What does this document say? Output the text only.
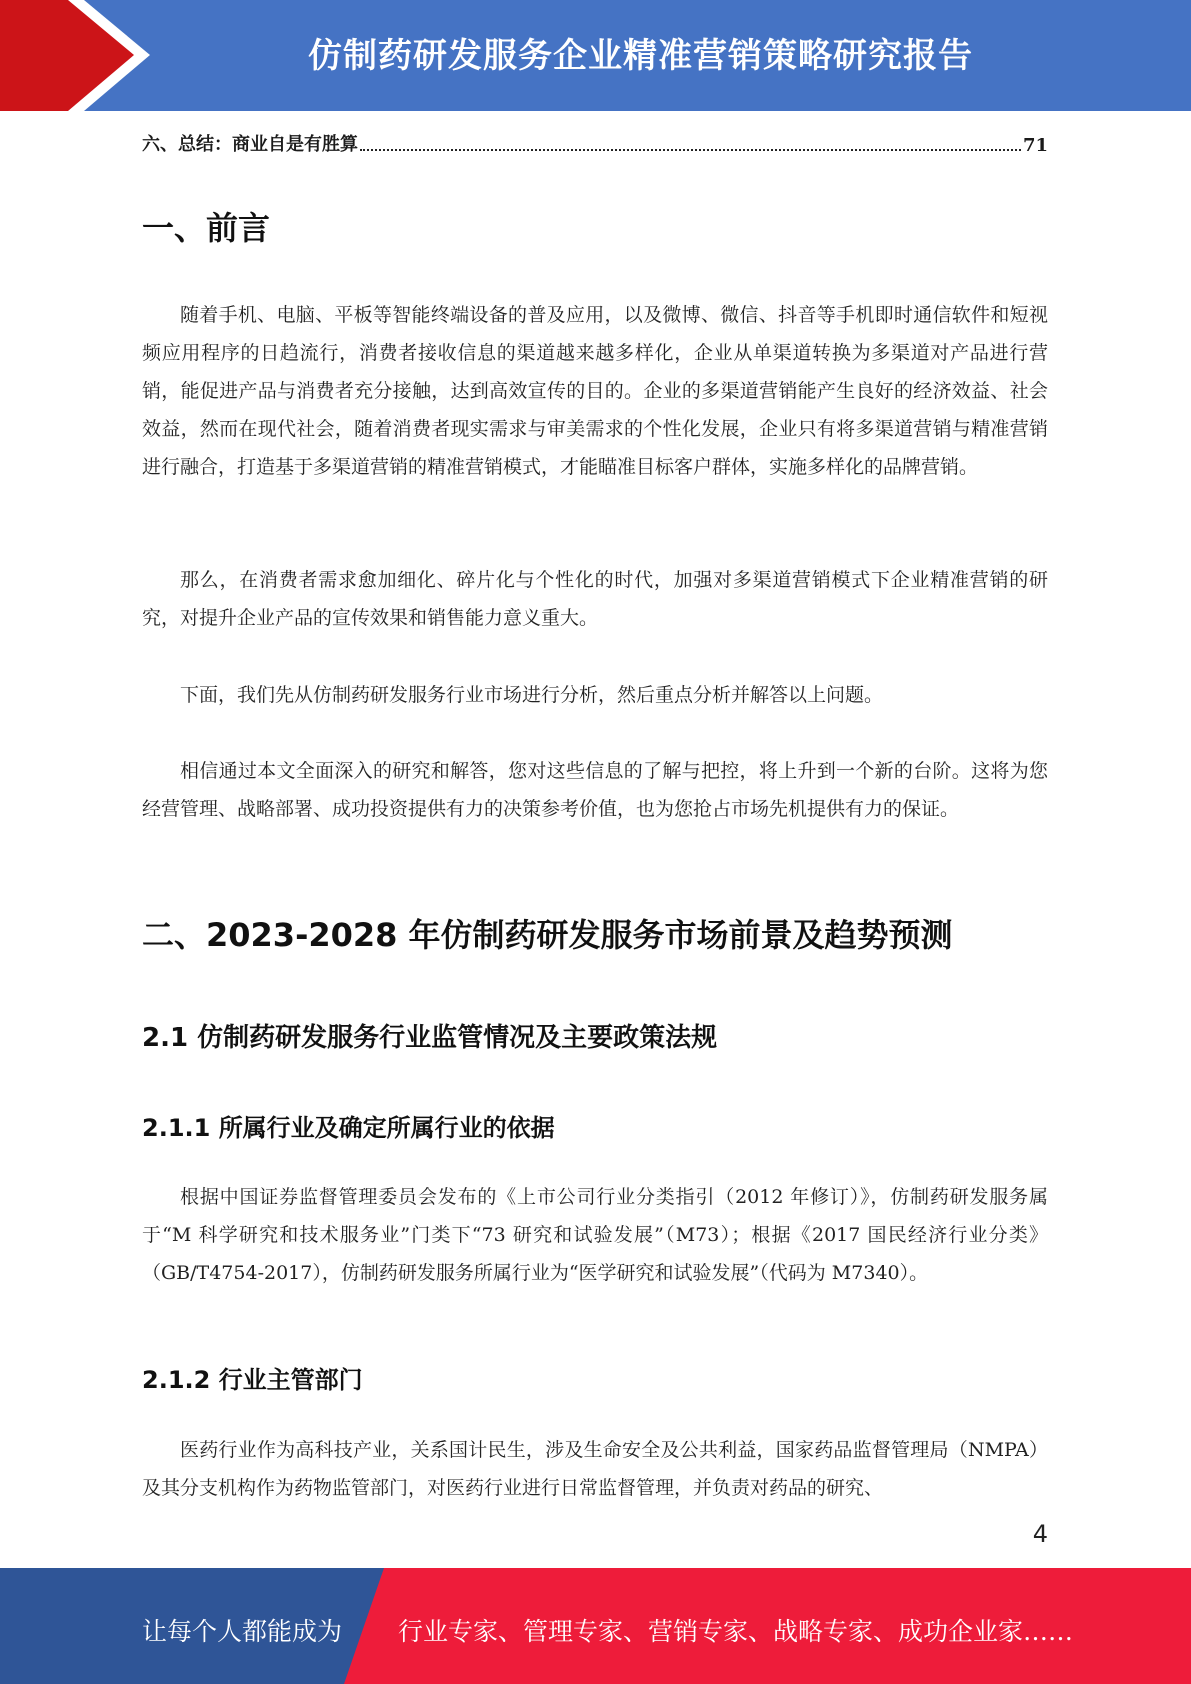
仿制药研发服务企业精准营销策略研究报告
六、总结：商业自是有胜算	71
一、前言

随着手机、电脑、平板等智能终端设备的普及应用，以及微博、微信、抖音等手机即时通信软件和短视频应用程序的日趋流行，消费者接收信息的渠道越来越多样化，企业从单渠道转换为多渠道对产品进行营销，能促进产品与消费者充分接触，达到高效宣传的目的。企业的多渠道营销能产生良好的经济效益、社会效益，然而在现代社会，随着消费者现实需求与审美需求的个性化发展，企业只有将多渠道营销与精准营销进行融合，打造基于多渠道营销的精准营销模式，才能瞄准目标客户群体，实施多样化的品牌营销。

那么，在消费者需求愈加细化、碎片化与个性化的时代，加强对多渠道营销模式下企业精准营销的研究，对提升企业产品的宣传效果和销售能力意义重大。

下面，我们先从仿制药研发服务行业市场进行分析，然后重点分析并解答以上问题。

相信通过本文全面深入的研究和解答，您对这些信息的了解与把控，将上升到一个新的台阶。这将为您经营管理、战略部署、成功投资提供有力的决策参考价值，也为您抢占市场先机提供有力的保证。

二、2023-2028 年仿制药研发服务市场前景及趋势预测
2.1 仿制药研发服务行业监管情况及主要政策法规
2.1.1 所属行业及确定所属行业的依据

根据中国证券监督管理委员会发布的《上市公司行业分类指引（2012 年修订）》，仿制药研发服务属于“M 科学研究和技术服务业”门类下“73 研究和试验发展”（M73）；根据《2017 国民经济行业分类》（GB/T4754-2017），仿制药研发服务所属行业为“医学研究和试验发展”（代码为 M7340）。

2.1.2 行业主管部门

医药行业作为高科技产业，关系国计民生，涉及生命安全及公共利益，国家药品监督管理局（NMPA）及其分支机构作为药物监管部门，对医药行业进行日常监督管理，并负责对药品的研究、

4
让每个人都能成为 行业专家、管理专家、营销专家、战略专家、成功企业家……
